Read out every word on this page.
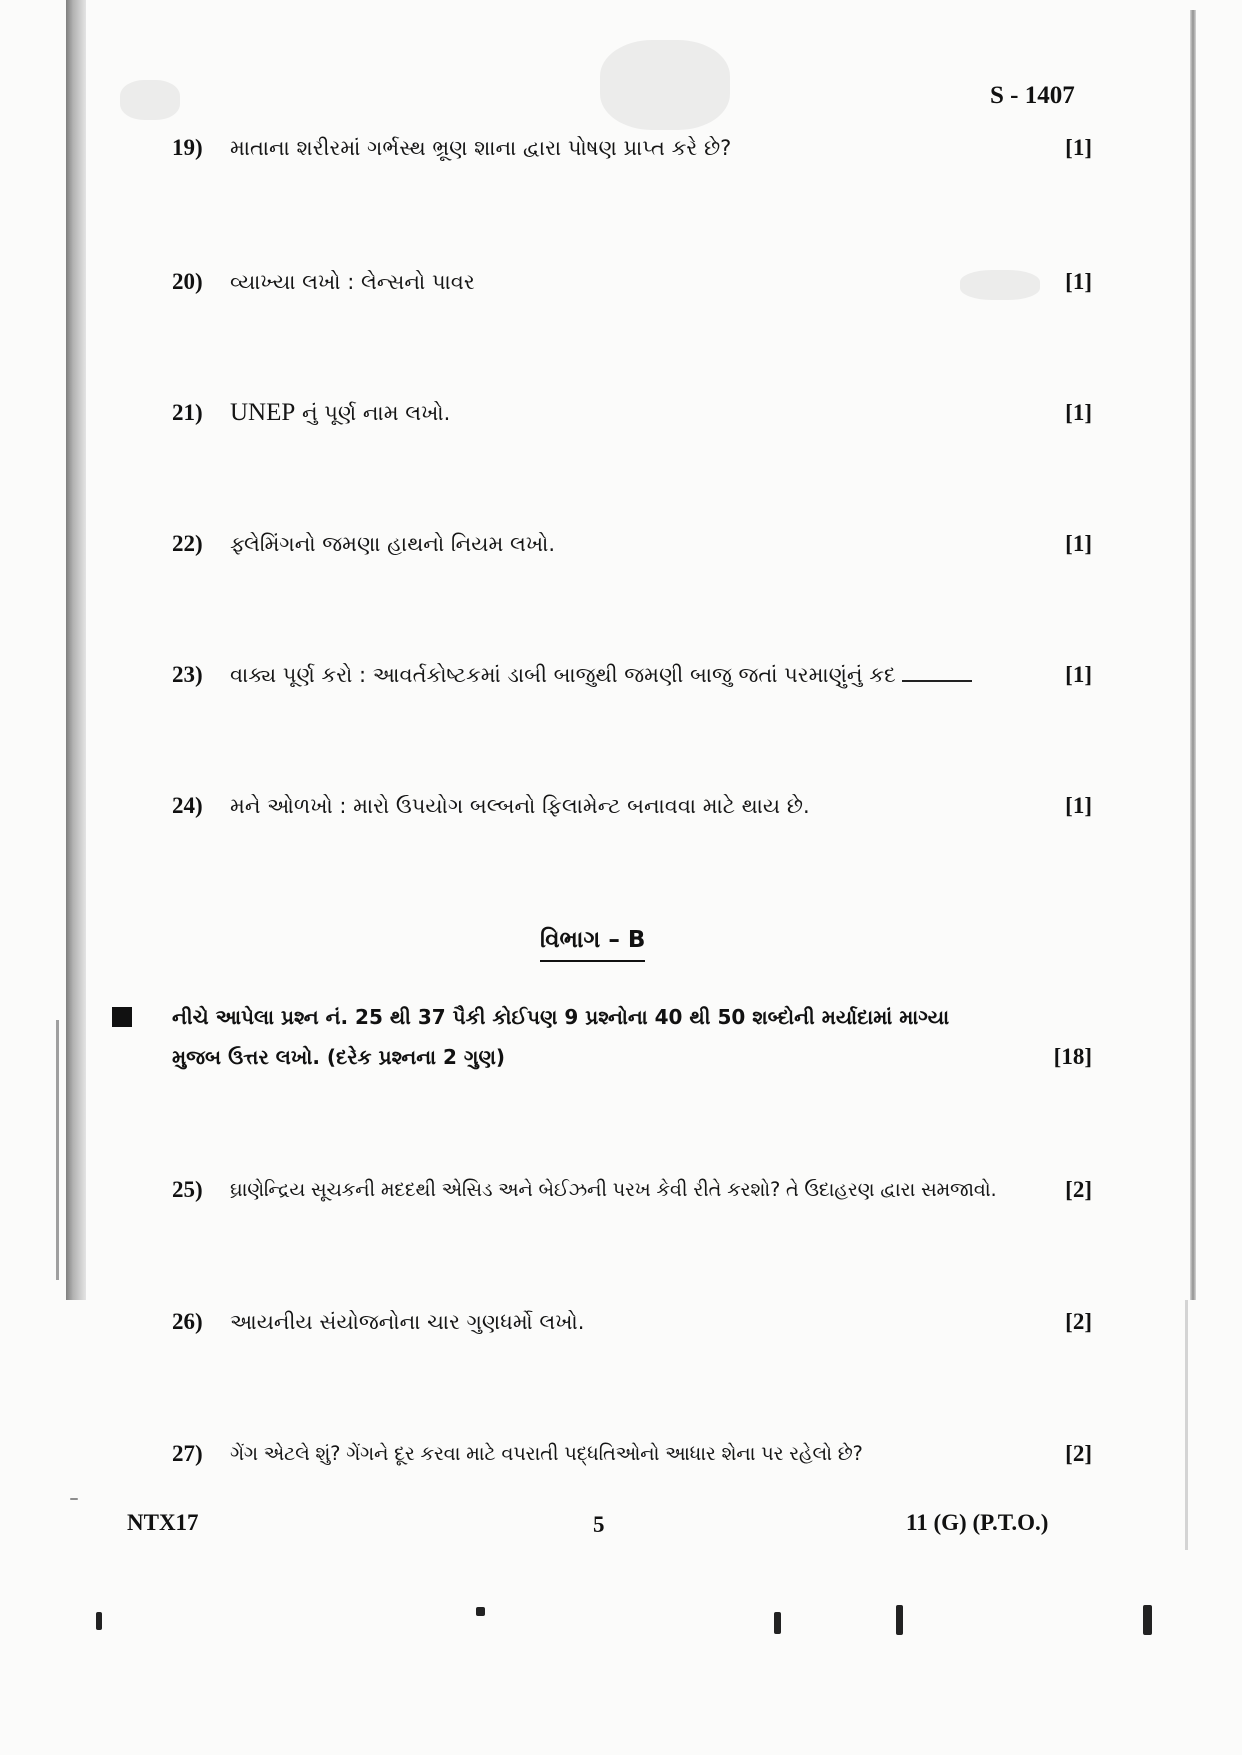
S - 1407
19) માતાના શરીરમાં ગર્ભસ્થ ભ્રૂણ શાના દ્વારા પોષણ પ્રાપ્ત કરે છે?	[1]
20) વ્યાખ્યા લખો : લેન્સનો પાવર	[1]
21) UNEP નું પૂર્ણ નામ લખો.	[1]
22) ફ્લેમિંગનો જમણા હાથનો નિયમ લખો.	[1]
23) વાક્ય પૂર્ણ કરો : આવર્તકોષ્ટકમાં ડાબી બાજુથી જમણી બાજુ જતાં પરમાણુંનું કદ	[1]
24) મને ઓળખો : મારો ઉપયોગ બલ્બનો ફિલામેન્ટ બનાવવા માટે થાય છે.	[1]
વિભાગ – B
નીચે આપેલા પ્રશ્ન નં. 25 થી 37 પૈકી કોઈપણ 9 પ્રશ્નોના 40 થી 50 શબ્દોની મર્યાદામાં માગ્યા
મુજબ ઉત્તર લખો. (દરેક પ્રશ્નના 2 ગુણ)	[18]
25) ઘ્રાણેન્દ્રિય સૂચકની મદદથી એસિડ અને બેઈઝની પરખ કેવી રીતે કરશો? તે ઉદાહરણ દ્વારા સમજાવો.	[2]
26) આયનીય સંયોજનોના ચાર ગુણધર્મો લખો.	[2]
27) ગેંગ એટલે શું? ગેંગને દૂર કરવા માટે વપરાતી પદ્ધતિઓનો આધાર શેના પર રહેલો છે?	[2]
NTX17	5	11 (G) (P.T.O.)
